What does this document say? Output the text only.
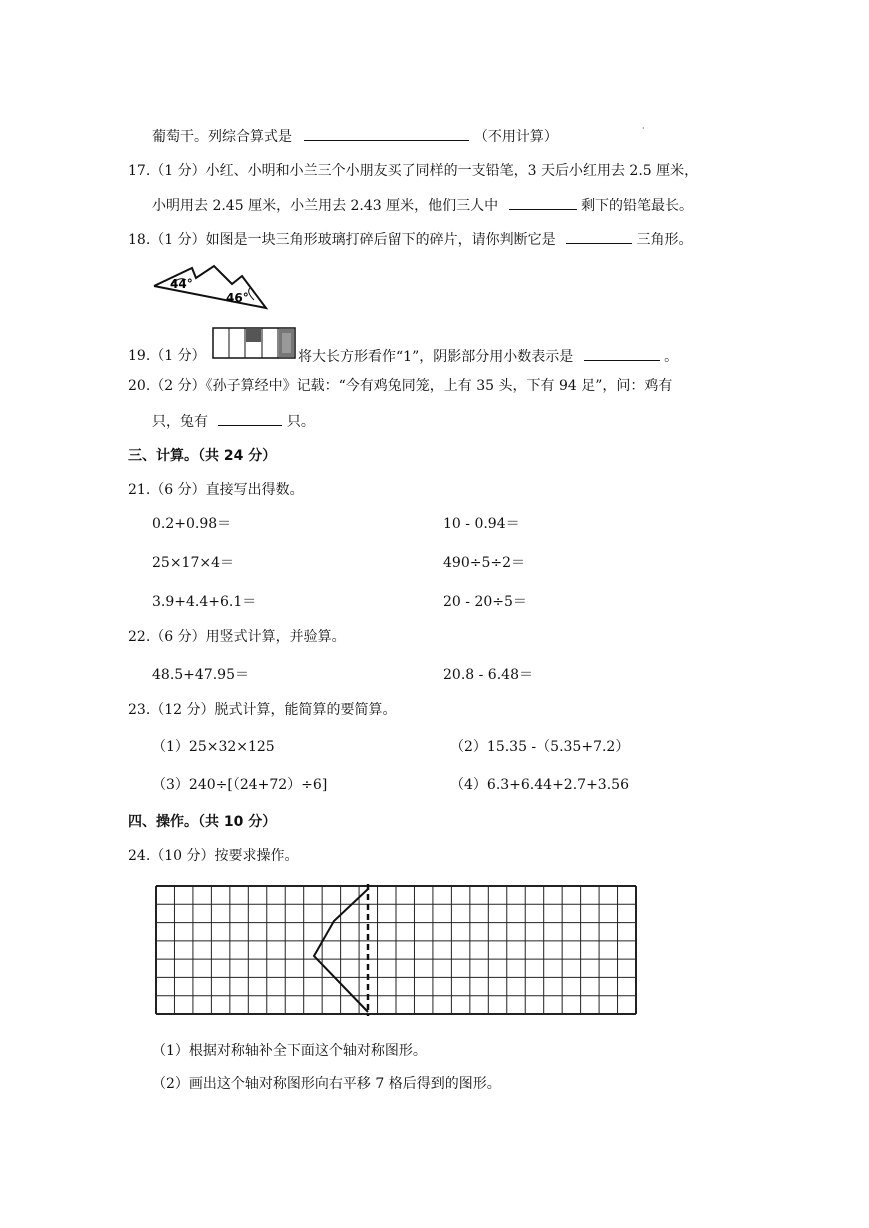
·
葡萄干。列综合算式是	（不用计算）
17.（1 分）小红、小明和小兰三个小朋友买了同样的一支铅笔，3 天后小红用去 2.5 厘米，
小明用去 2.45 厘米，小兰用去 2.43 厘米，他们三人中	剩下的铅笔最长。
18.（1 分）如图是一块三角形玻璃打碎后留下的碎片，请你判断它是	三角形。
44°
46°
19.（1 分）	将大长方形看作“1”，阴影部分用小数表示是	。
20.（2 分）《孙子算经中》记载：“今有鸡兔同笼，上有 35 头，下有 94 足”，问：鸡有
只，兔有	只。
三、计算。（共 24 分）
21.（6 分）直接写出得数。
0.2+0.98＝	10 - 0.94＝
25×17×4＝	490÷5÷2＝
3.9+4.4+6.1＝	20 - 20÷5＝
22.（6 分）用竖式计算，并验算。
48.5+47.95＝	20.8 - 6.48＝
23.（12 分）脱式计算，能简算的要简算。
（1）25×32×125	（2）15.35 -（5.35+7.2）
（3）240÷[（24+72）÷6]	（4）6.3+6.44+2.7+3.56
四、操作。（共 10 分）
24.（10 分）按要求操作。
（1）根据对称轴补全下面这个轴对称图形。
（2）画出这个轴对称图形向右平移 7 格后得到的图形。
